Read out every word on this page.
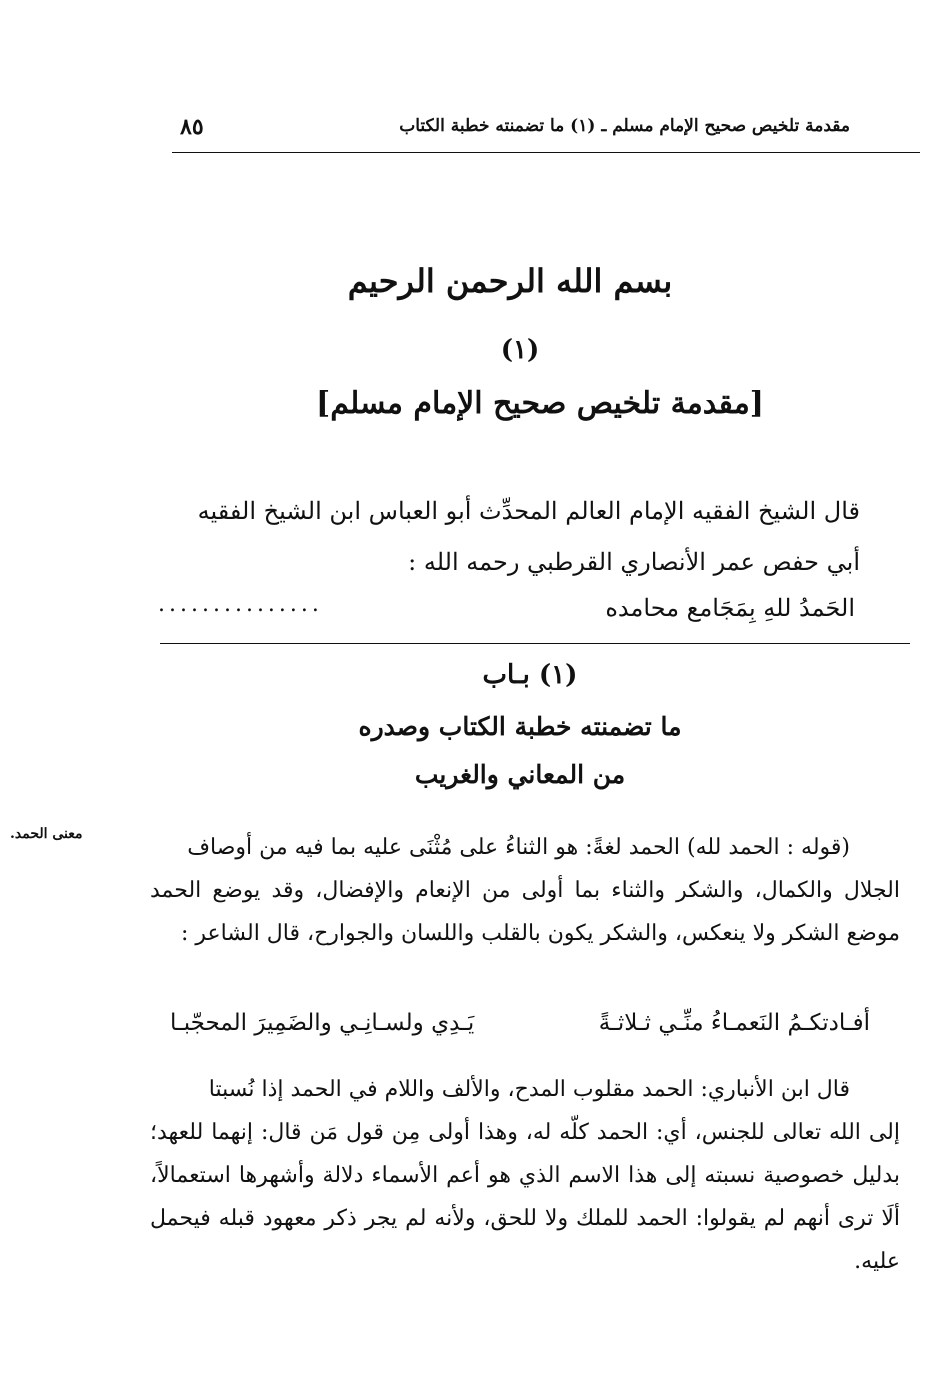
مقدمة تلخيص صحيح الإمام مسلم ـ (١) ما تضمنته خطبة الكتاب
٨٥
بسم الله الرحمن الرحيم
(١)
[مقدمة تلخيص صحيح الإمام مسلم]
قال الشيخ الفقيه الإمام العالم المحدِّث أبو العباس ابن الشيخ الفقيه
أبي حفص عمر الأنصاري القرطبي رحمه الله :
الحَمدُ للهِ بِمَجَامع محامده
...............
(١) بـاب
ما تضمنته خطبة الكتاب وصدره
من المعاني والغريب
معنى الحمد.
(قوله : الحمد لله) الحمد لغةً: هو الثناءُ على مُثْنَى عليه بما فيه من أوصاف
الجلال والكمال، والشكر والثناء بما أولى من الإنعام والإفضال، وقد يوضع الحمد موضع الشكر ولا ينعكس، والشكر يكون بالقلب واللسان والجوارح، قال الشاعر :
أفـادتكـمُ النَعمـاءُ منِّـي ثـلاثـةً
يَـدِي ولسـانِـي والضَمِيرَ المحجّبـا
قال ابن الأنباري: الحمد مقلوب المدح، والألف واللام في الحمد إذا نُسبتا
إلى الله تعالى للجنس، أي: الحمد كلّه له، وهذا أولى مِن قول مَن قال: إنهما للعهد؛ بدليل خصوصية نسبته إلى هذا الاسم الذي هو أعم الأسماء دلالة وأشهرها استعمالاً، ألَا ترى أنهم لم يقولوا: الحمد للملك ولا للحق، ولأنه لم يجر ذكر معهود قبله فيحمل عليه.
